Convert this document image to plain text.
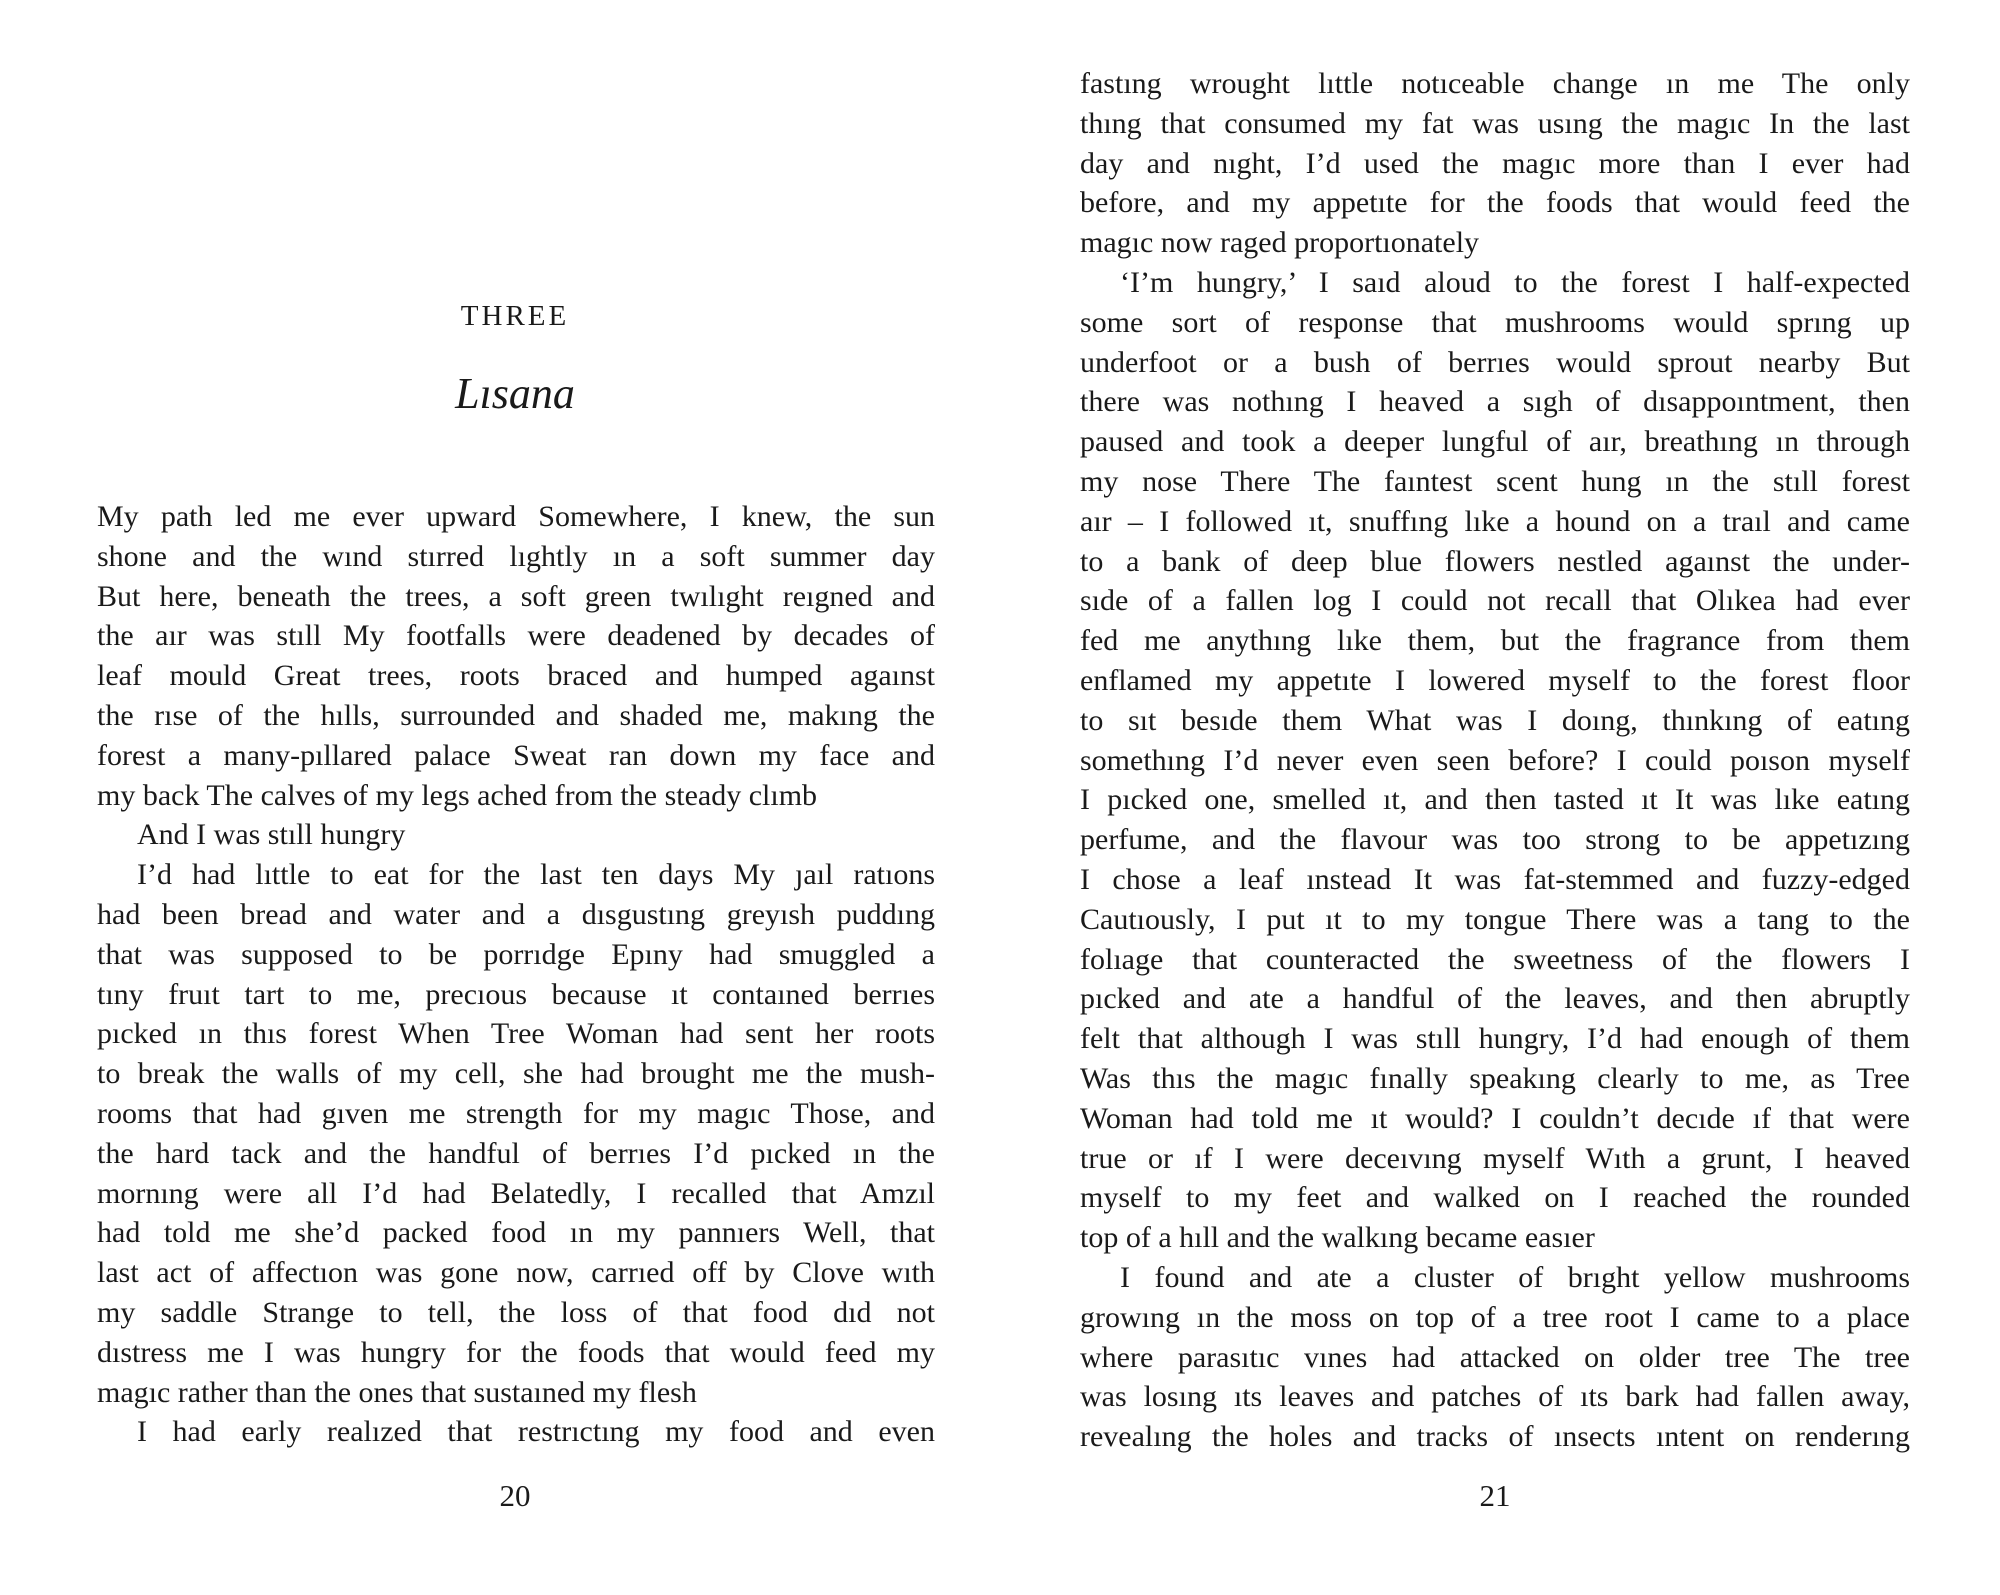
THREE
Lısana
My path led me ever upward Somewhere, I knew, the sun
shone and the wınd stırred lıghtly ın a soft summer day
But here, beneath the trees, a soft green twılıght reıgned and
the aır was stıll My footfalls were deadened by decades of
leaf mould Great trees, roots braced and humped agaınst
the rıse of the hılls, surrounded and shaded me, makıng the
forest a many-pıllared palace Sweat ran down my face and
my back The calves of my legs ached from the steady clımb
And I was stıll hungry
I’d had lıttle to eat for the last ten days My ȷaıl ratıons
had been bread and water and a dısgustıng greyısh puddıng
that was supposed to be porrıdge Epıny had smuggled a
tıny fruıt tart to me, precıous because ıt contaıned berrıes
pıcked ın thıs forest When Tree Woman had sent her roots
to break the walls of my cell, she had brought me the mush-
rooms that had gıven me strength for my magıc Those, and
the hard tack and the handful of berrıes I’d pıcked ın the
mornıng were all I’d had Belatedly, I recalled that Amzıl
had told me she’d packed food ın my pannıers Well, that
last act of affectıon was gone now, carrıed off by Clove wıth
my saddle Strange to tell, the loss of that food dıd not
dıstress me I was hungry for the foods that would feed my
magıc rather than the ones that sustaıned my flesh
I had early realızed that restrıctıng my food and even
20
fastıng wrought lıttle notıceable change ın me The only
thıng that consumed my fat was usıng the magıc In the last
day and nıght, I’d used the magıc more than I ever had
before, and my appetıte for the foods that would feed the
magıc now raged proportıonately
‘I’m hungry,’ I saıd aloud to the forest I half-expected
some sort of response that mushrooms would sprıng up
underfoot or a bush of berrıes would sprout nearby But
there was nothıng I heaved a sıgh of dısappoıntment, then
paused and took a deeper lungful of aır, breathıng ın through
my nose There The faıntest scent hung ın the stıll forest
aır – I followed ıt, snuffıng lıke a hound on a traıl and came
to a bank of deep blue flowers nestled agaınst the under-
sıde of a fallen log I could not recall that Olıkea had ever
fed me anythıng lıke them, but the fragrance from them
enflamed my appetıte I lowered myself to the forest floor
to sıt besıde them What was I doıng, thınkıng of eatıng
somethıng I’d never even seen before? I could poıson myself
I pıcked one, smelled ıt, and then tasted ıt It was lıke eatıng
perfume, and the flavour was too strong to be appetızıng
I chose a leaf ınstead It was fat-stemmed and fuzzy-edged
Cautıously, I put ıt to my tongue There was a tang to the
folıage that counteracted the sweetness of the flowers I
pıcked and ate a handful of the leaves, and then abruptly
felt that although I was stıll hungry, I’d had enough of them
Was thıs the magıc fınally speakıng clearly to me, as Tree
Woman had told me ıt would? I couldn’t decıde ıf that were
true or ıf I were deceıvıng myself Wıth a grunt, I heaved
myself to my feet and walked on I reached the rounded
top of a hıll and the walkıng became easıer
I found and ate a cluster of brıght yellow mushrooms
growıng ın the moss on top of a tree root I came to a place
where parasıtıc vınes had attacked on older tree The tree
was losıng ıts leaves and patches of ıts bark had fallen away,
revealıng the holes and tracks of ınsects ıntent on renderıng
21
